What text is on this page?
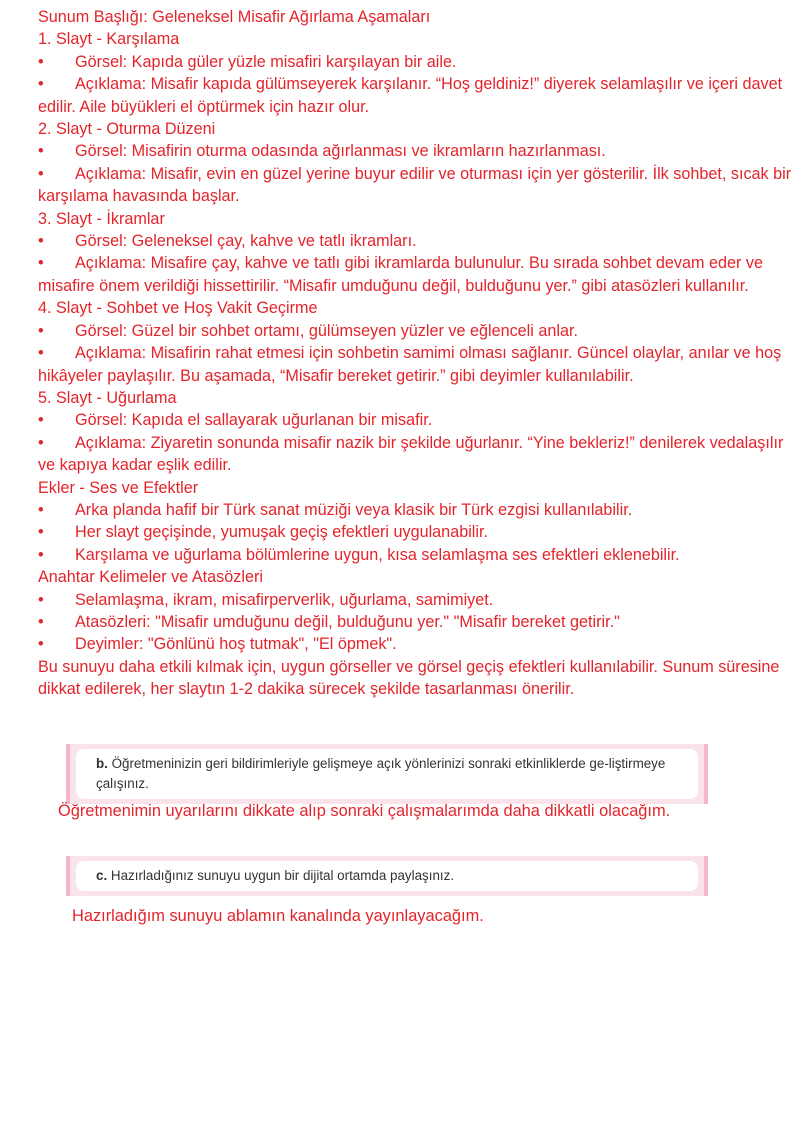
Sunum Başlığı: Geleneksel Misafir Ağırlama Aşamaları
1. Slayt - Karşılama
• Görsel: Kapıda güler yüzle misafiri karşılayan bir aile.
• Açıklama: Misafir kapıda gülümseyerek karşılanır. “Hoş geldiniz!” diyerek selamlaşılır ve içeri davet edilir. Aile büyükleri el öptürmek için hazır olur.
2. Slayt - Oturma Düzeni
• Görsel: Misafirin oturma odasında ağırlanması ve ikramların hazırlanması.
• Açıklama: Misafir, evin en güzel yerine buyur edilir ve oturması için yer gösterilir. İlk sohbet, sıcak bir karşılama havasında başlar.
3. Slayt - İkramlar
• Görsel: Geleneksel çay, kahve ve tatlı ikramları.
• Açıklama: Misafire çay, kahve ve tatlı gibi ikramlarda bulunulur. Bu sırada sohbet devam eder ve misafire önem verildiği hissettirilir. “Misafir umduğunu değil, bulduğunu yer.” gibi atasözleri kullanılır.
4. Slayt - Sohbet ve Hoş Vakit Geçirme
• Görsel: Güzel bir sohbet ortamı, gülümseyen yüzler ve eğlenceli anlar.
• Açıklama: Misafirin rahat etmesi için sohbetin samimi olması sağlanır. Güncel olaylar, anılar ve hoş hikâyeler paylaşılır. Bu aşamada, “Misafir bereket getirir.” gibi deyimler kullanılabilir.
5. Slayt - Uğurlama
• Görsel: Kapıda el sallayarak uğurlanan bir misafir.
• Açıklama: Ziyaretin sonunda misafir nazik bir şekilde uğurlanır. “Yine bekleriz!” denilerek vedalaşılır ve kapıya kadar eşlik edilir.
Ekler - Ses ve Efektler
• Arka planda hafif bir Türk sanat müziği veya klasik bir Türk ezgisi kullanılabilir.
• Her slayt geçişinde, yumuşak geçiş efektleri uygulanabilir.
• Karşılama ve uğurlama bölümlerine uygun, kısa selamlaşma ses efektleri eklenebilir.
Anahtar Kelimeler ve Atasözleri
• Selamlaşma, ikram, misafirperverlik, uğurlama, samimiyet.
• Atasözleri: "Misafir umduğunu değil, bulduğunu yer." "Misafir bereket getirir."
• Deyimler: "Gönlünü hoş tutmak", "El öpmek".
Bu sunuyu daha etkili kılmak için, uygun görseller ve görsel geçiş efektleri kullanılabilir. Sunum süresine dikkat edilerek, her slaytın 1-2 dakika sürecek şekilde tasarlanması önerilir.
b. Öğretmeninizin geri bildirimleriyle gelişmeye açık yönlerinizi sonraki etkinliklerde ge-liştirmeye çalışınız.
Öğretmenimin uyarılarını dikkate alıp sonraki çalışmalarımda daha dikkatli olacağım.
c. Hazırladığınız sunuyu uygun bir dijital ortamda paylaşınız.
Hazırladığım sunuyu ablamın kanalında yayınlayacağım.
